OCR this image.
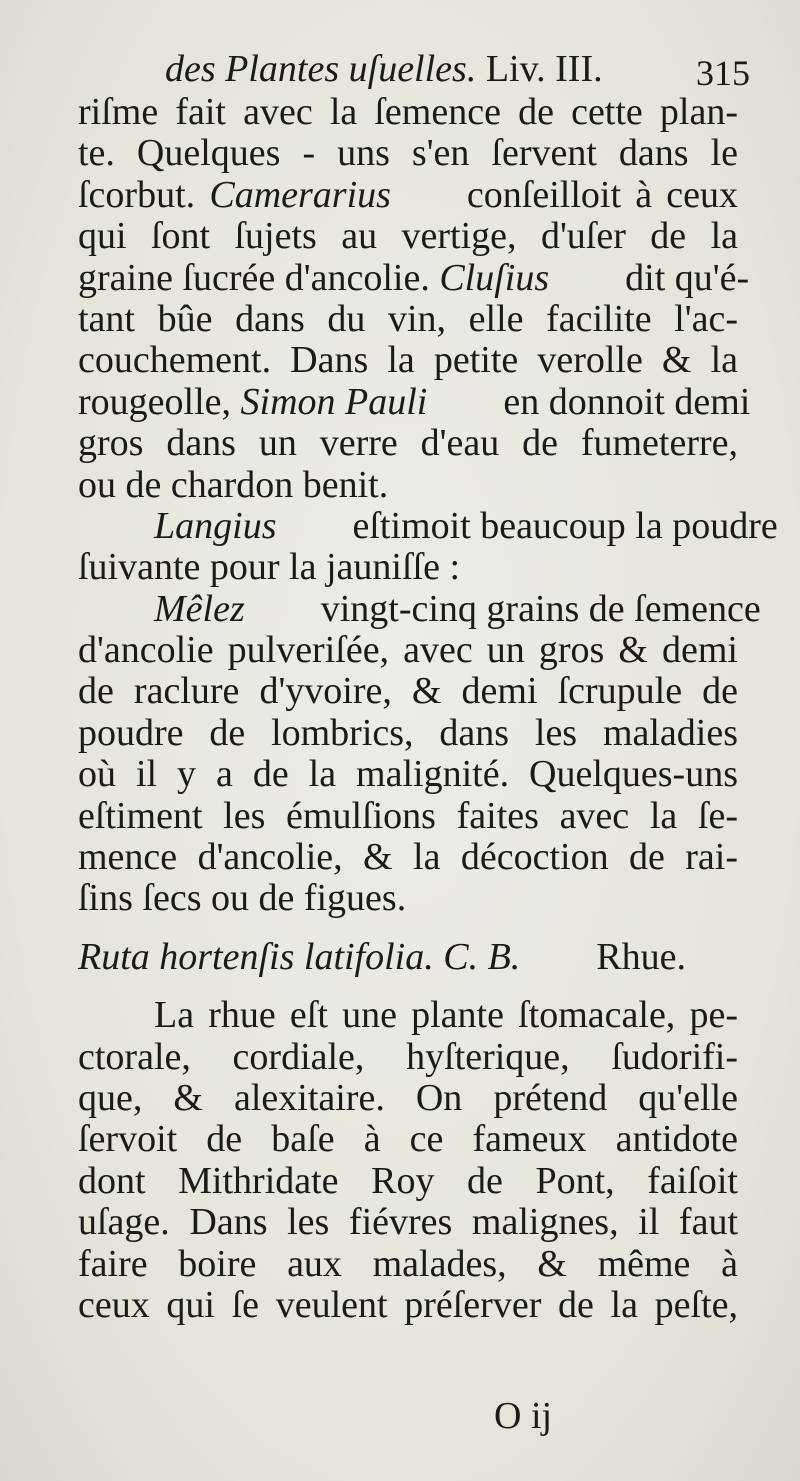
des Plantes uſuelles. Liv. III.	315
riſme fait avec la ſemence de cette plan-
te. Quelques - uns s'en ſervent dans le
ſcorbut. Camerarius  conſeilloit à ceux
qui ſont ſujets au vertige, d'uſer de la
graine ſucrée d'ancolie. Cluſius  dit qu'é-
tant bûe dans du vin, elle facilite l'ac-
couchement. Dans la petite verolle & la
rougeolle, Simon Pauli  en donnoit demi
gros dans un verre d'eau de fumeterre,
ou de chardon benit.
  Langius  eſtimoit beaucoup la poudre
ſuivante pour la jauniſſe :
  Mêlez  vingt-cinq grains de ſemence
d'ancolie pulveriſée, avec un gros & demi
de raclure d'yvoire, & demi ſcrupule de
poudre de lombrics, dans les maladies
où il y a de la malignité. Quelques-uns
eſtiment les émulſions faites avec la ſe-
mence d'ancolie, & la décoction de rai-
ſins ſecs ou de figues.
Ruta hortenſis latifolia. C. B.  Rhue.
  La rhue eſt une plante ſtomacale, pe-
ctorale, cordiale, hyſterique, ſudorifi-
que, & alexitaire. On prétend qu'elle
ſervoit de baſe à ce fameux antidote
dont Mithridate Roy de Pont, faiſoit
uſage. Dans les fiévres malignes, il faut
faire boire aux malades, & même à
ceux qui ſe veulent préſerver de la peſte,
O ij
